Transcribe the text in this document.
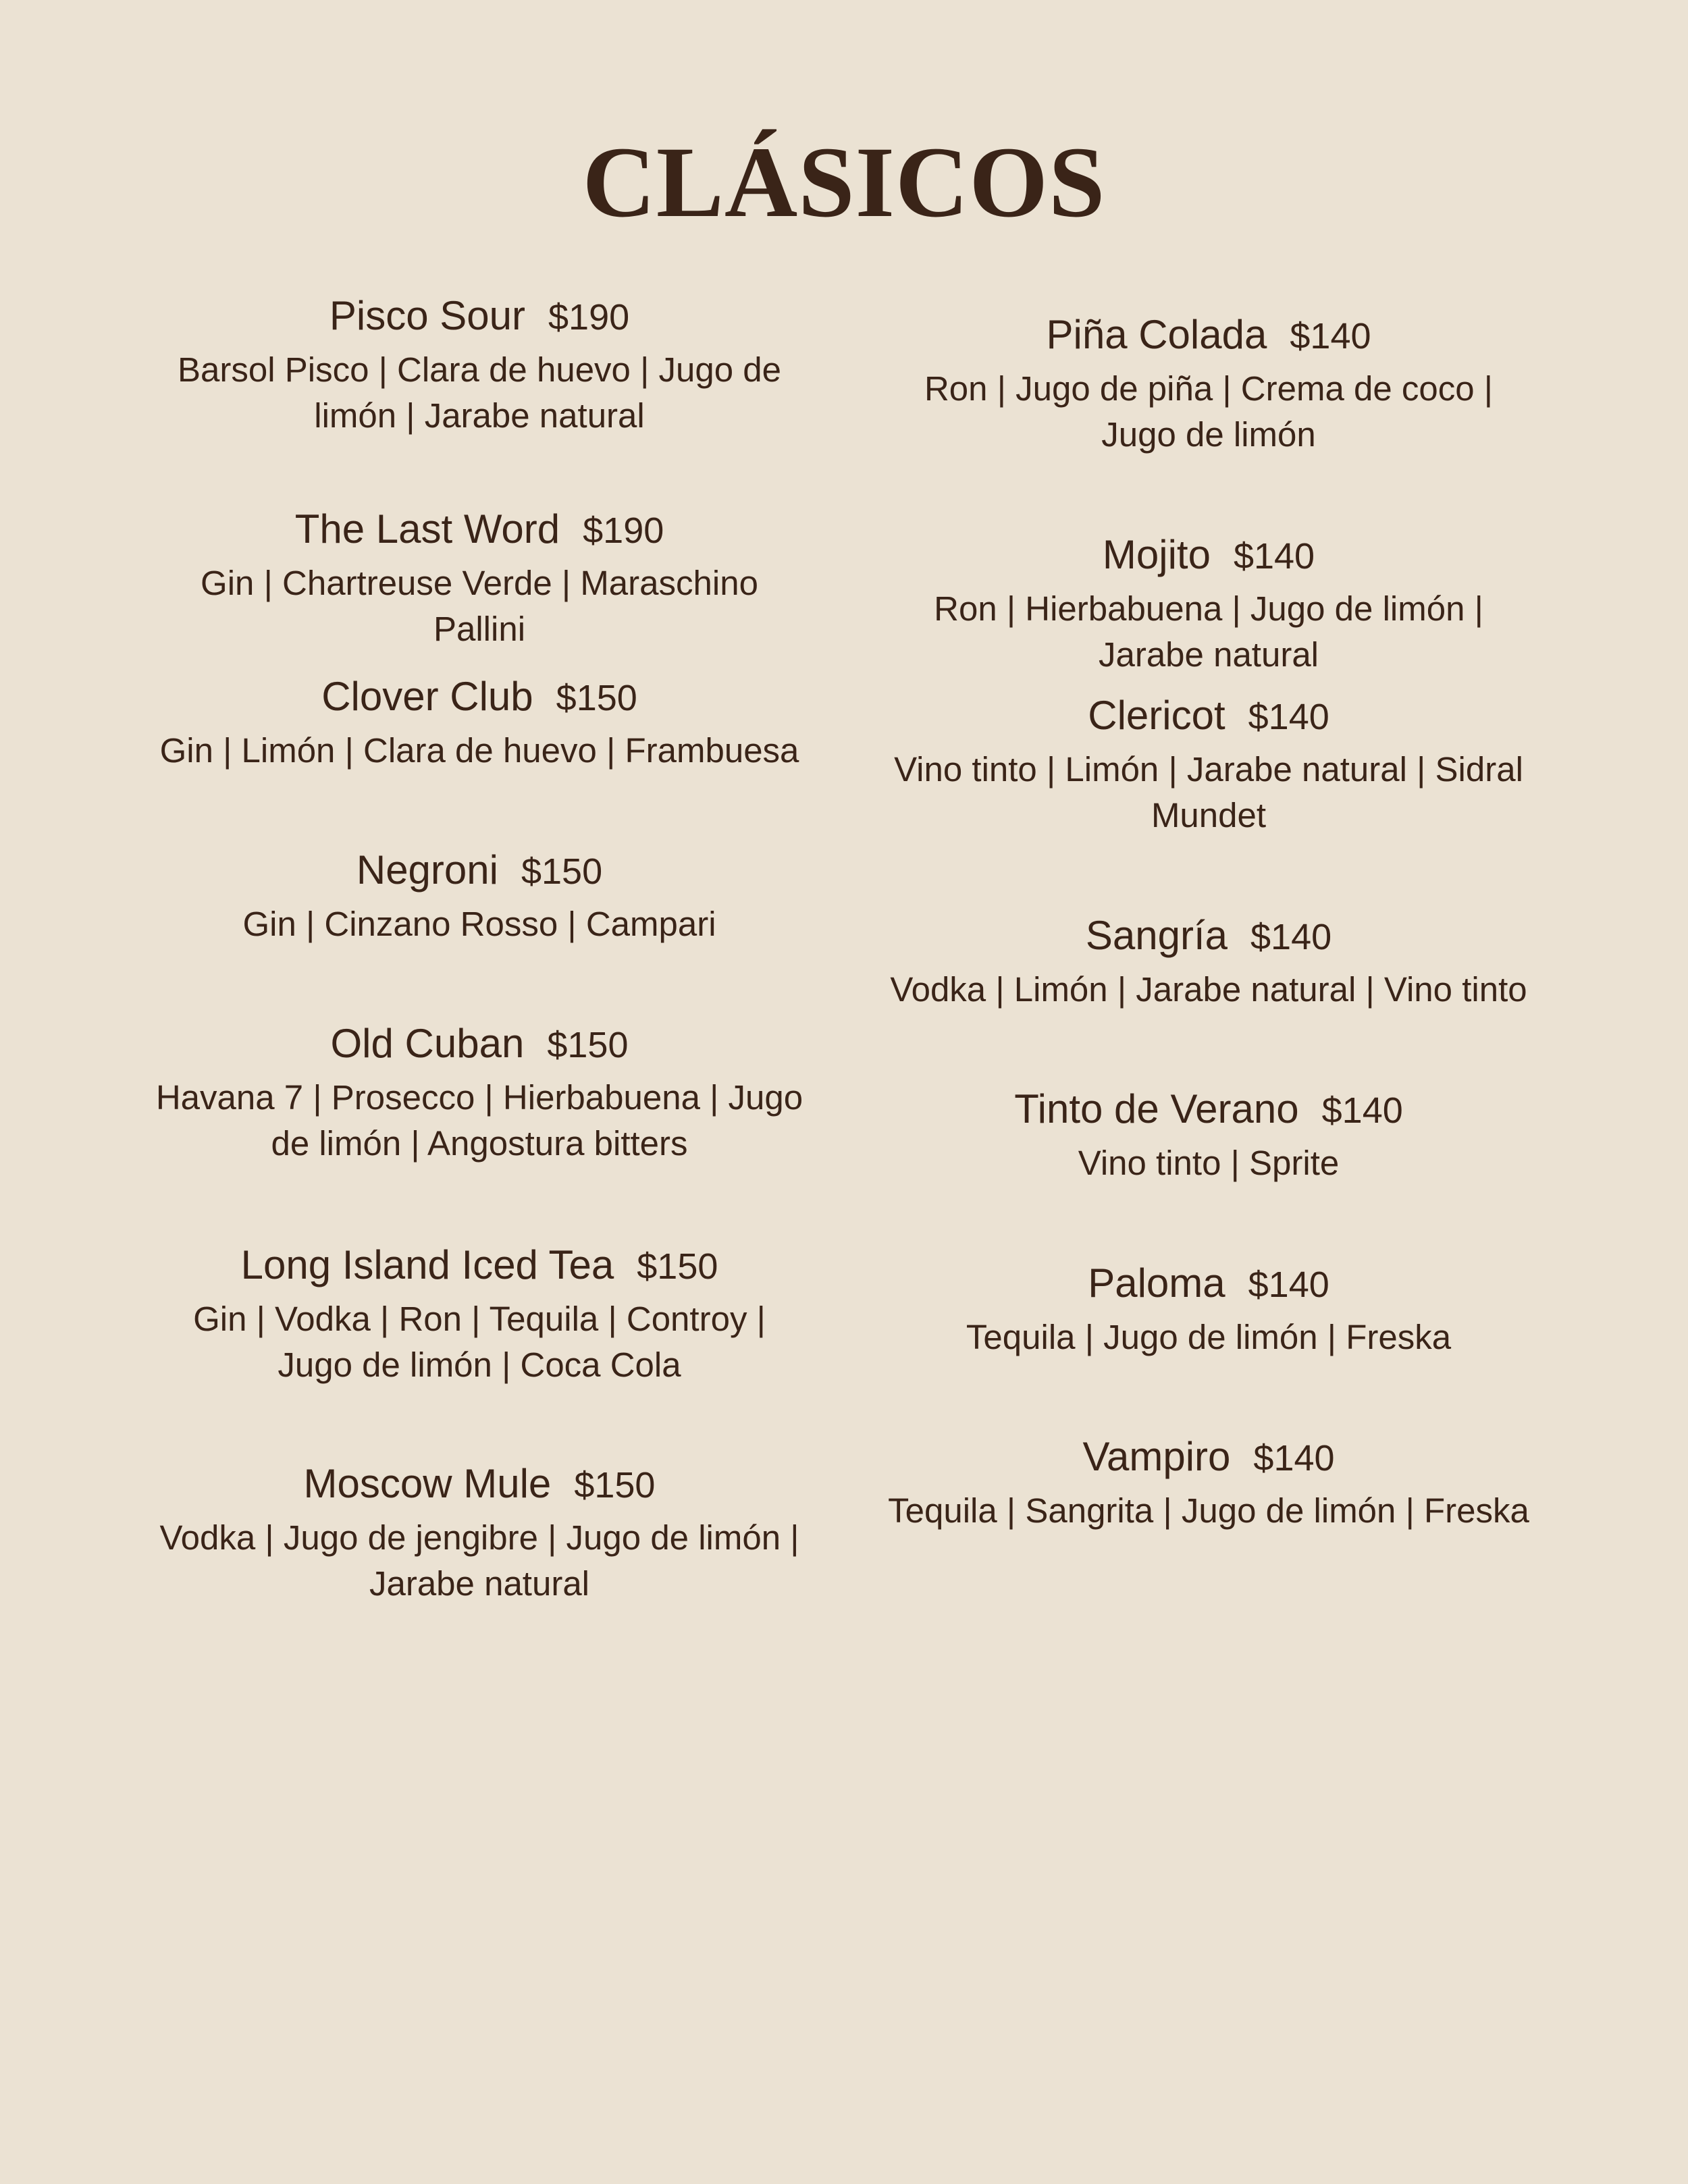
CLÁSICOS
Pisco Sour $190
Barsol Pisco | Clara de huevo | Jugo de limón | Jarabe natural
The Last Word $190
Gin | Chartreuse Verde | Maraschino Pallini
Clover Club $150
Gin | Limón | Clara de huevo | Frambuesa
Negroni $150
Gin | Cinzano Rosso | Campari
Old Cuban $150
Havana 7 | Prosecco | Hierbabuena | Jugo de limón | Angostura bitters
Long Island Iced Tea $150
Gin | Vodka | Ron | Tequila | Controy | Jugo de limón | Coca Cola
Moscow Mule $150
Vodka | Jugo de jengibre | Jugo de limón | Jarabe natural
Piña Colada $140
Ron | Jugo de piña | Crema de coco | Jugo de limón
Mojito $140
Ron | Hierbabuena | Jugo de limón | Jarabe natural
Clericot $140
Vino tinto | Limón | Jarabe natural | Sidral Mundet
Sangría $140
Vodka | Limón | Jarabe natural | Vino tinto
Tinto de Verano $140
Vino tinto | Sprite
Paloma $140
Tequila | Jugo de limón | Freska
Vampiro $140
Tequila | Sangrita | Jugo de limón | Freska
